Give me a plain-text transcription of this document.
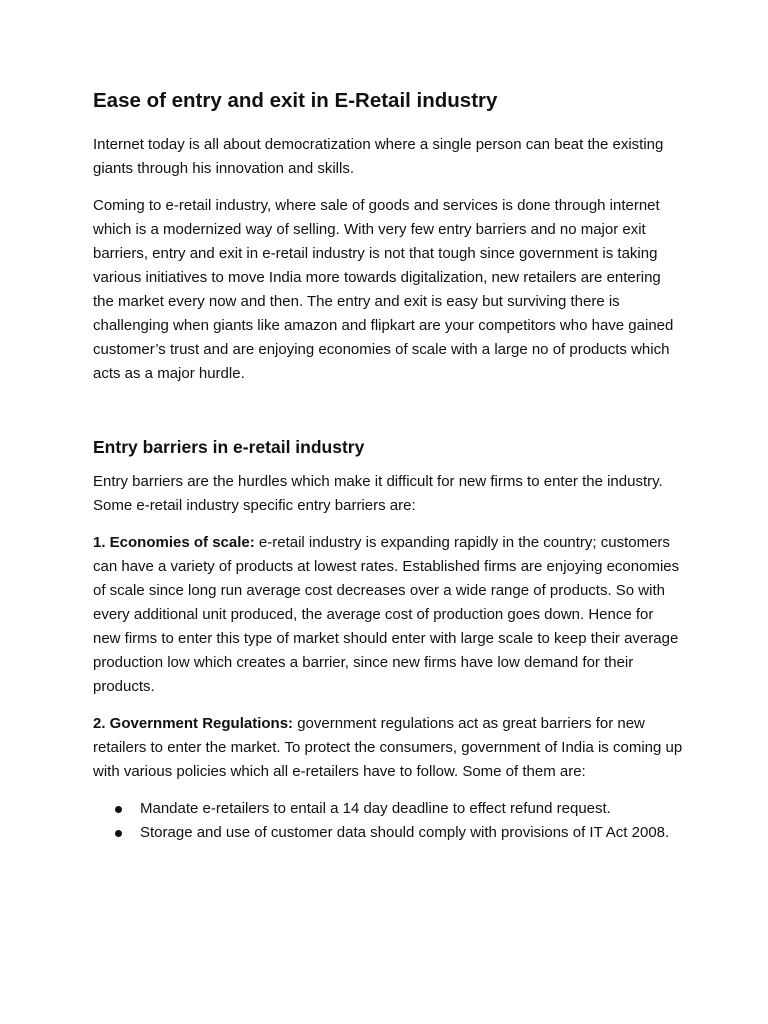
Ease of entry and exit in E-Retail industry

Internet today is all about democratization where a single person can beat the existing giants through his innovation and skills.

Coming to e-retail industry, where sale of goods and services is done through internet which is a modernized way of selling. With very few entry barriers and no major exit barriers, entry and exit in e-retail industry is not that tough since government is taking various initiatives to move India more towards digitalization, new retailers are entering the market every now and then. The entry and exit is easy but surviving there is challenging when giants like amazon and flipkart are your competitors who have gained customer’s trust and are enjoying economies of scale with a large no of products which acts as a major hurdle.

Entry barriers in e-retail industry

Entry barriers are the hurdles which make it difficult for new firms to enter the industry. Some e-retail industry specific entry barriers are:

1. Economies of scale: e-retail industry is expanding rapidly in the country; customers can have a variety of products at lowest rates. Established firms are enjoying economies of scale since long run average cost decreases over a wide range of products. So with every additional unit produced, the average cost of production goes down. Hence for new firms to enter this type of market should enter with large scale to keep their average production low which creates a barrier, since new firms have low demand for their products.

2. Government Regulations: government regulations act as great barriers for new retailers to enter the market. To protect the consumers, government of India is coming up with various policies which all e-retailers have to follow. Some of them are:

Mandate e-retailers to entail a 14 day deadline to effect refund request.
Storage and use of customer data should comply with provisions of IT Act 2008.
